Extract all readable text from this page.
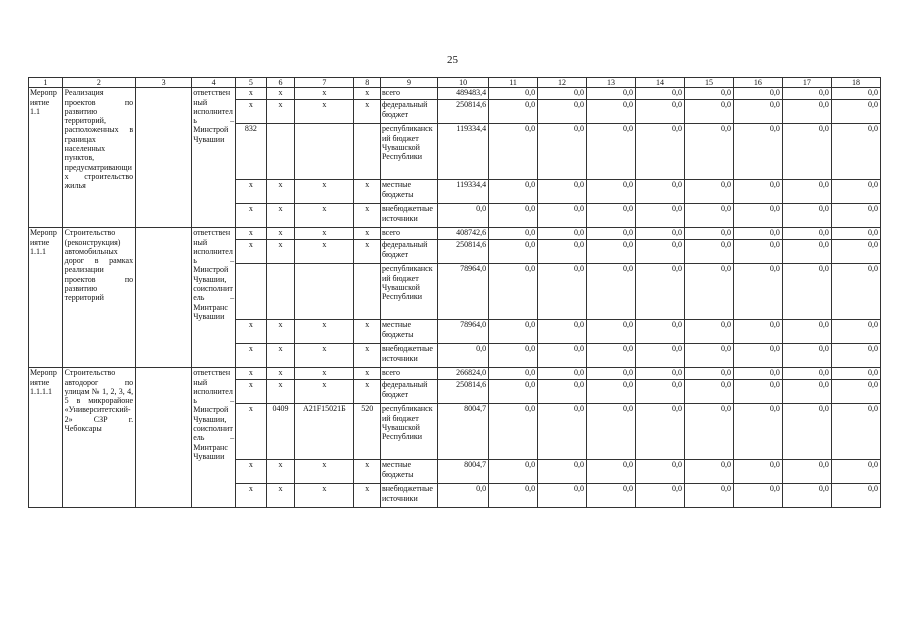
25
1	2	3	4	5	6	7	8	9	10	11	12	13	14	15	16	17	18
Мероприятие 1.1	Реализация проектов по развитию территорий, расположенных в границах населенных пунктов, предусматривающих строительство жилья		ответственный исполнитель – Минстрой Чувашии	x	x	x	x	всего	489483,4	0,0	0,0	0,0	0,0	0,0	0,0	0,0	0,0
				x	x	x	x	федеральный бюджет	250814,6	0,0	0,0	0,0	0,0	0,0	0,0	0,0	0,0
				832				республиканский бюджет Чувашской Республики	119334,4	0,0	0,0	0,0	0,0	0,0	0,0	0,0	0,0
				x	x	x	x	местные бюджеты	119334,4	0,0	0,0	0,0	0,0	0,0	0,0	0,0	0,0
				x	x	x	x	внебюджетные источники	0,0	0,0	0,0	0,0	0,0	0,0	0,0	0,0	0,0
Мероприятие 1.1.1	Строительство (реконструкция) автомобильных дорог в рамках реализации проектов по развитию территорий		ответственный исполнитель – Минстрой Чувашии, соисполнитель – Минтранс Чувашии	x	x	x	x	всего	408742,6	0,0	0,0	0,0	0,0	0,0	0,0	0,0	0,0
				x	x	x	x	федеральный бюджет	250814,6	0,0	0,0	0,0	0,0	0,0	0,0	0,0	0,0
								республиканский бюджет Чувашской Республики	78964,0	0,0	0,0	0,0	0,0	0,0	0,0	0,0	0,0
				x	x	x	x	местные бюджеты	78964,0	0,0	0,0	0,0	0,0	0,0	0,0	0,0	0,0
				x	x	x	x	внебюджетные источники	0,0	0,0	0,0	0,0	0,0	0,0	0,0	0,0	0,0
Мероприятие 1.1.1.1	Строительство автодорог по улицам № 1, 2, 3, 4, 5 в микрорайоне «Университетский-2» СЗР г. Чебоксары		ответственный исполнитель – Минстрой Чувашии, соисполнитель – Минтранс Чувашии	x	x	x	x	всего	266824,0	0,0	0,0	0,0	0,0	0,0	0,0	0,0	0,0
				x	x	x	x	федеральный бюджет	250814,6	0,0	0,0	0,0	0,0	0,0	0,0	0,0	0,0
				x	0409	A21F15021Б	520	республиканский бюджет Чувашской Республики	8004,7	0,0	0,0	0,0	0,0	0,0	0,0	0,0	0,0
				x	x	x	x	местные бюджеты	8004,7	0,0	0,0	0,0	0,0	0,0	0,0	0,0	0,0
				x	x	x	x	внебюджетные источники	0,0	0,0	0,0	0,0	0,0	0,0	0,0	0,0	0,0
